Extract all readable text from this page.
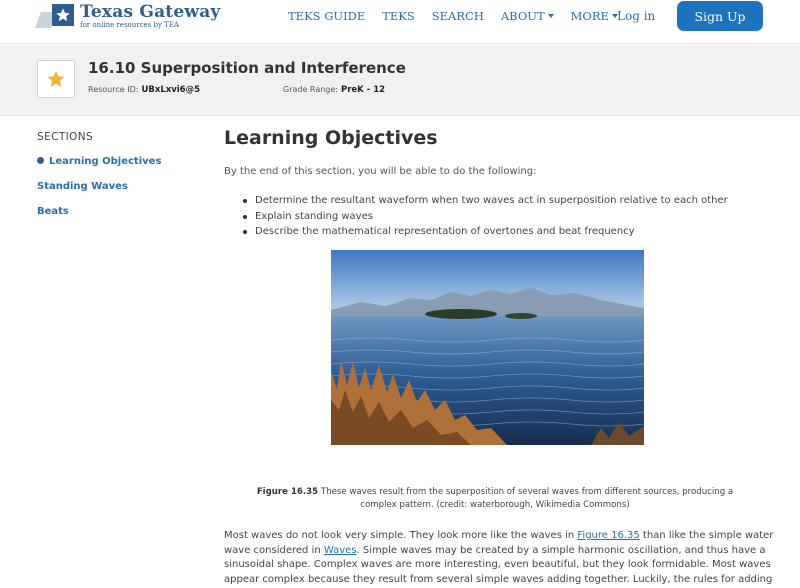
Texas Gateway
for online resources by TEA
TEKS GUIDE TEKS SEARCH ABOUT MORE Log in	Sign Up
16.10 Superposition and Interference
Resource ID: UBxLxvi6@5	Grade Range: PreK - 12
SECTIONS
Learning Objectives
Standing Waves
Beats
Learning Objectives
By the end of this section, you will be able to do the following:
Determine the resultant waveform when two waves act in superposition relative to each other
Explain standing waves
Describe the mathematical representation of overtones and beat frequency
Figure 16.35 These waves result from the superposition of several waves from different sources, producing a
complex pattern. (credit: waterborough, Wikimedia Commons)
Most waves do not look very simple. They look more like the waves in Figure 16.35 than like the simple water
wave considered in Waves. Simple waves may be created by a simple harmonic oscillation, and thus have a
sinusoidal shape. Complex waves are more interesting, even beautiful, but they look formidable. Most waves
appear complex because they result from several simple waves adding together. Luckily, the rules for adding
